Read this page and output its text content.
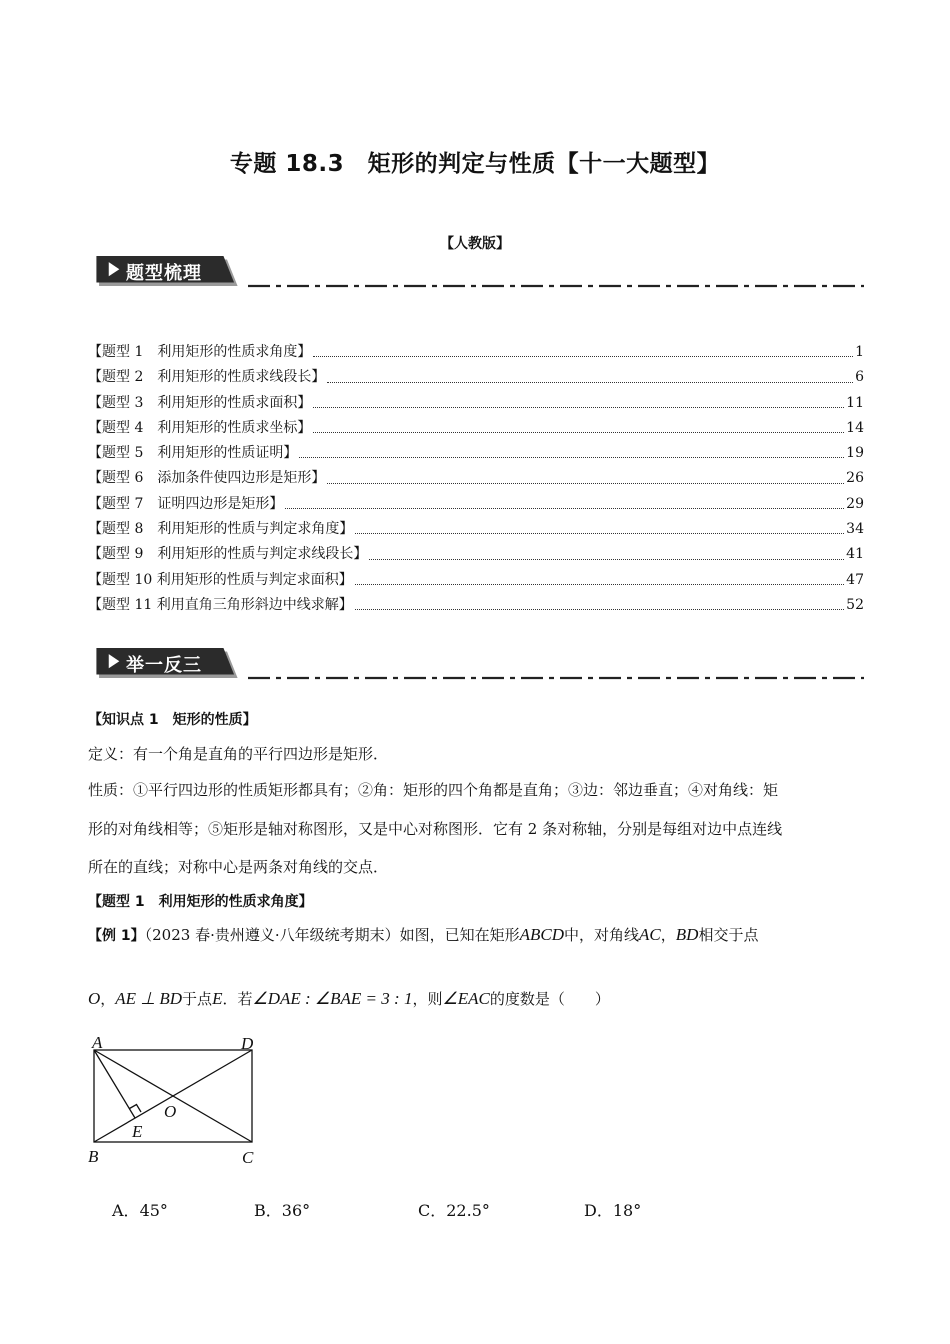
专题 18.3　矩形的判定与性质【十一大题型】
【人教版】
题型梳理
【题型 1　利用矩形的性质求角度】	1
【题型 2　利用矩形的性质求线段长】	6
【题型 3　利用矩形的性质求面积】	11
【题型 4　利用矩形的性质求坐标】	14
【题型 5　利用矩形的性质证明】	19
【题型 6　添加条件使四边形是矩形】	26
【题型 7　证明四边形是矩形】	29
【题型 8　利用矩形的性质与判定求角度】	34
【题型 9　利用矩形的性质与判定求线段长】	41
【题型 10 利用矩形的性质与判定求面积】	47
【题型 11 利用直角三角形斜边中线求解】	52
举一反三
【知识点 1　矩形的性质】
定义：有一个角是直角的平行四边形是矩形．
性质：①平行四边形的性质矩形都具有；②角：矩形的四个角都是直角；③边：邻边垂直；④对角线：矩
形的对角线相等；⑤矩形是轴对称图形，又是中心对称图形．它有 2 条对称轴，分别是每组对边中点连线
所在的直线；对称中心是两条对角线的交点．
【题型 1　利用矩形的性质求角度】
【例 1】（2023 春·贵州遵义·八年级统考期末）如图，已知在矩形ABCD中，对角线AC，BD相交于点
O，AE ⊥ BD于点E．若∠DAE : ∠BAE = 3 : 1，则∠EAC的度数是（　　）
A	D
B	C
E
O
A．45°	B．36°	C．22.5°	D．18°
